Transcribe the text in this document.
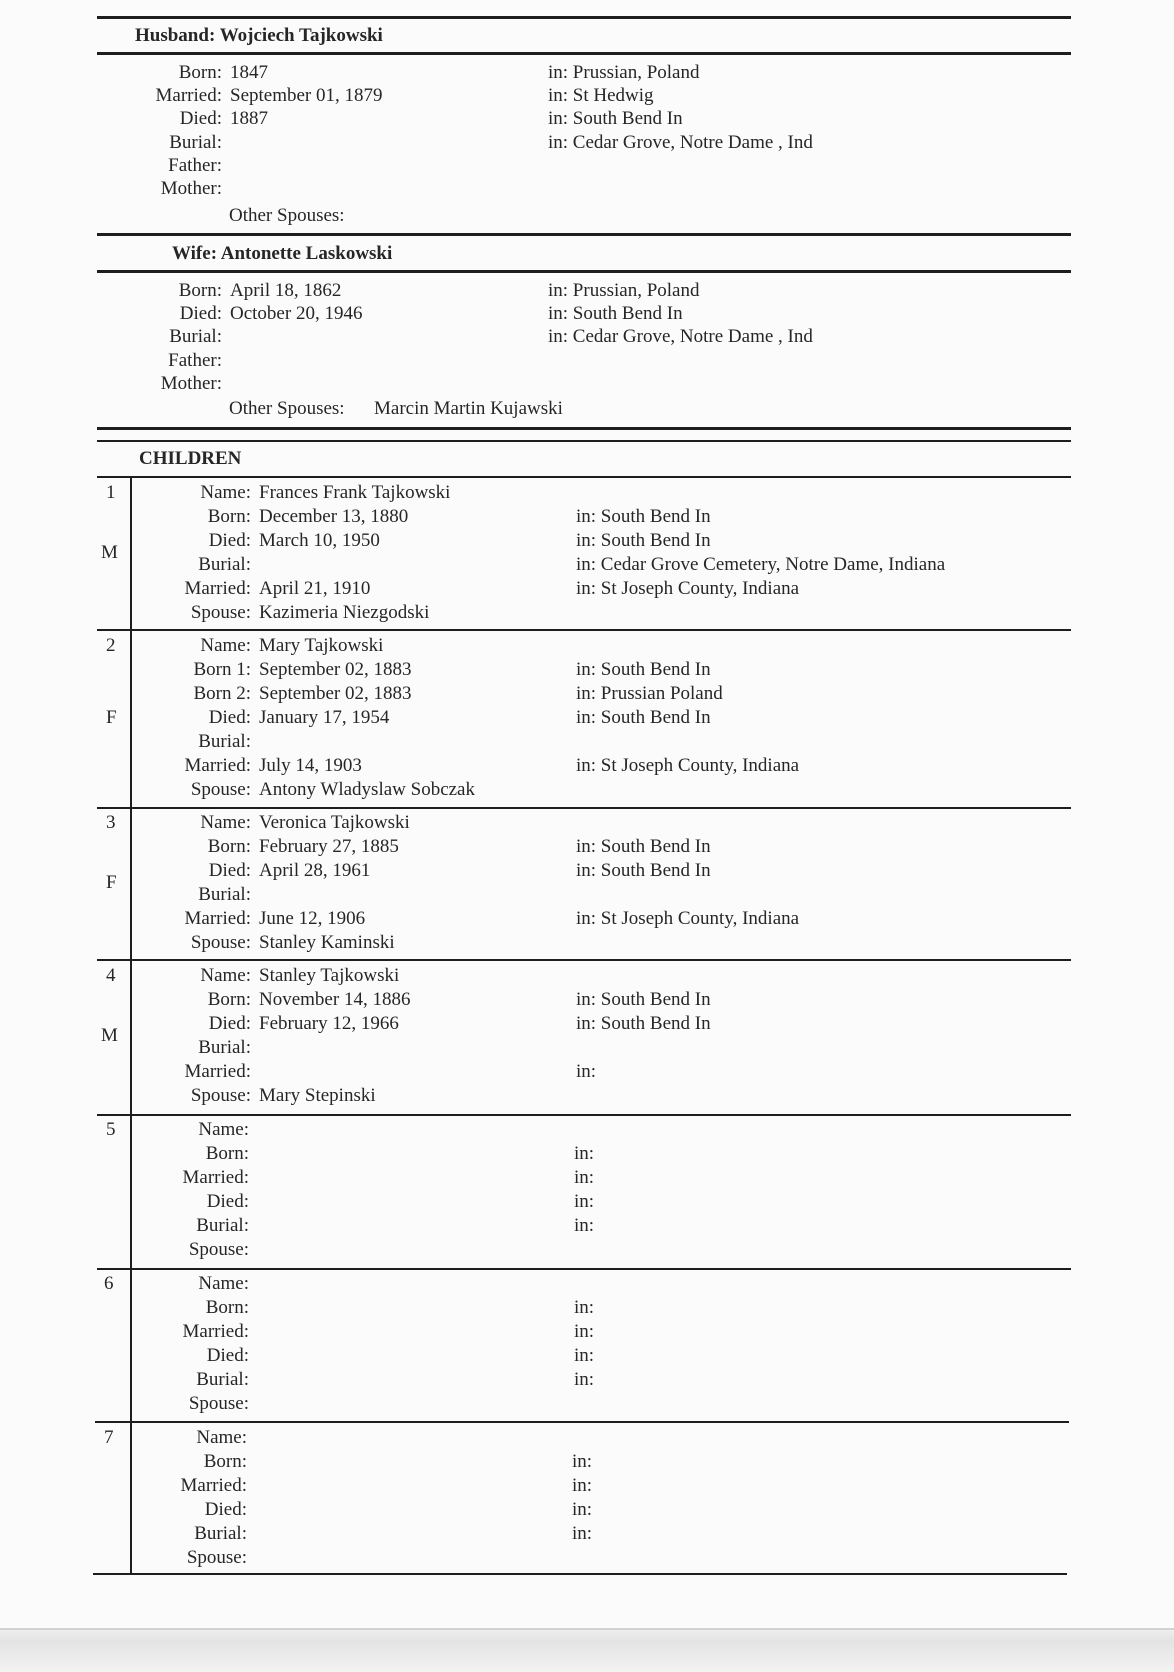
Husband: Wojciech Tajkowski
Born: 1847	in: Prussian, Poland
Married: September 01, 1879	in: St Hedwig
Died: 1887	in: South Bend In
Burial:	in: Cedar Grove, Notre Dame , Ind
Father:
Mother:
Other Spouses:
Wife: Antonette Laskowski
Born: April 18, 1862	in: Prussian, Poland
Died: October 20, 1946	in: South Bend In
Burial:	in: Cedar Grove, Notre Dame , Ind
Father:
Mother:
Other Spouses: Marcin Martin Kujawski
CHILDREN
1
M
Name: Frances Frank Tajkowski
Born: December 13, 1880	in: South Bend In
Died: March 10, 1950	in: South Bend In
Burial:	in: Cedar Grove Cemetery, Notre Dame, Indiana
Married: April 21, 1910	in: St Joseph County, Indiana
Spouse: Kazimeria Niezgodski
2
F
Name: Mary Tajkowski
Born 1: September 02, 1883	in: South Bend In
Born 2: September 02, 1883	in: Prussian Poland
Died: January 17, 1954	in: South Bend In
Burial:
Married: July 14, 1903	in: St Joseph County, Indiana
Spouse: Antony Wladyslaw Sobczak
3
F
Name: Veronica Tajkowski
Born: February 27, 1885	in: South Bend In
Died: April 28, 1961	in: South Bend In
Burial:
Married: June 12, 1906	in: St Joseph County, Indiana
Spouse: Stanley Kaminski
4
M
Name: Stanley Tajkowski
Born: November 14, 1886	in: South Bend In
Died: February 12, 1966	in: South Bend In
Burial:
Married:	in:
Spouse: Mary Stepinski
5	Name:
Born:	in:
Married:	in:
Died:	in:
Burial:	in:
Spouse:
6	Name:
Born:	in:
Married:	in:
Died:	in:
Burial:	in:
Spouse:
7	Name:
Born:	in:
Married:	in:
Died:	in:
Burial:	in:
Spouse:
